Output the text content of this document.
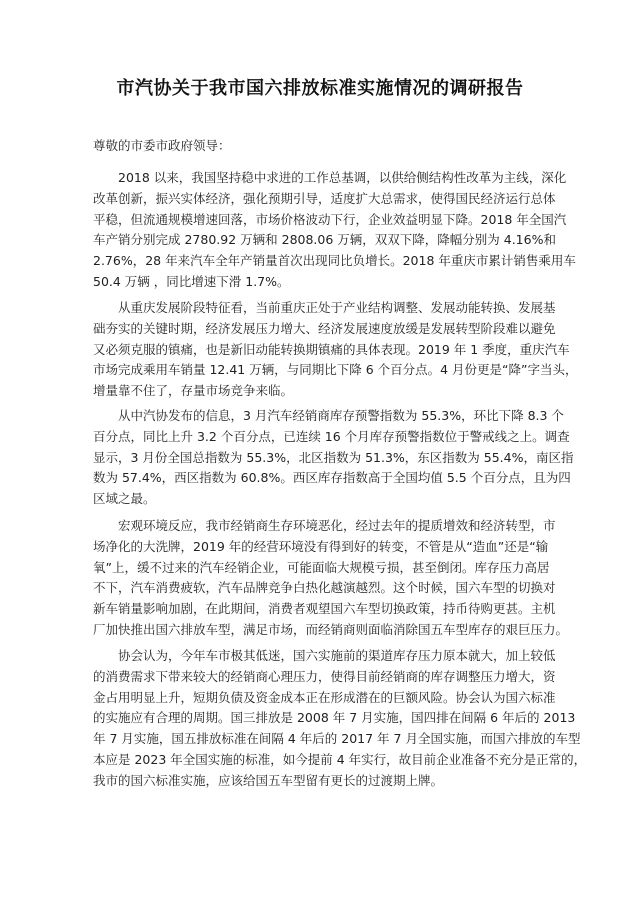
市汽协关于我市国六排放标准实施情况的调研报告
尊敬的市委市政府领导：
2018 以来，我国坚持稳中求进的工作总基调，以供给侧结构性改革为主线，深化
改革创新，振兴实体经济，强化预期引导，适度扩大总需求，使得国民经济运行总体
平稳，但流通规模增速回落，市场价格波动下行，企业效益明显下降。2018 年全国汽
车产销分别完成 2780.92 万辆和 2808.06 万辆，双双下降，降幅分别为 4.16%和
2.76%，28 年来汽车全年产销量首次出现同比负增长。2018 年重庆市累计销售乘用车
50.4 万辆 ，同比增速下滑 1.7%。
从重庆发展阶段特征看，当前重庆正处于产业结构调整、发展动能转换、发展基
础夯实的关键时期，经济发展压力增大、经济发展速度放缓是发展转型阶段难以避免
又必须克服的镇痛，也是新旧动能转换期镇痛的具体表现。2019 年 1 季度，重庆汽车
市场完成乘用车销量 12.41 万辆，与同期比下降 6 个百分点。4 月份更是“降”字当头，
增量靠不住了，存量市场竞争来临。
从中汽协发布的信息，3 月汽车经销商库存预警指数为 55.3%，环比下降 8.3 个
百分点，同比上升 3.2 个百分点，已连续 16 个月库存预警指数位于警戒线之上。调查
显示，3 月份全国总指数为 55.3%，北区指数为 51.3%，东区指数为 55.4%，南区指
数为 57.4%，西区指数为 60.8%。西区库存指数高于全国均值 5.5 个百分点，且为四
区域之最。
宏观环境反应，我市经销商生存环境恶化，经过去年的提质增效和经济转型，市
场净化的大洗牌，2019 年的经营环境没有得到好的转变，不管是从“造血”还是“输
氧”上，缓不过来的汽车经销企业，可能面临大规模亏损，甚至倒闭。库存压力高居
不下，汽车消费疲软，汽车品牌竞争白热化越演越烈。这个时候，国六车型的切换对
新车销量影响加剧，在此期间，消费者观望国六车型切换政策，持币待购更甚。主机
厂加快推出国六排放车型，满足市场，而经销商则面临消除国五车型库存的艰巨压力。
协会认为，今年车市极其低迷，国六实施前的渠道库存压力原本就大，加上较低
的消费需求下带来较大的经销商心理压力，使得目前经销商的库存调整压力增大，资
金占用明显上升，短期负债及资金成本正在形成潜在的巨额风险。协会认为国六标准
的实施应有合理的周期。国三排放是 2008 年 7 月实施，国四排在间隔 6 年后的 2013
年 7 月实施，国五排放标准在间隔 4 年后的 2017 年 7 月全国实施，而国六排放的车型
本应是 2023 年全国实施的标准，如今提前 4 年实行，故目前企业准备不充分是正常的，
我市的国六标准实施，应该给国五车型留有更长的过渡期上牌。
